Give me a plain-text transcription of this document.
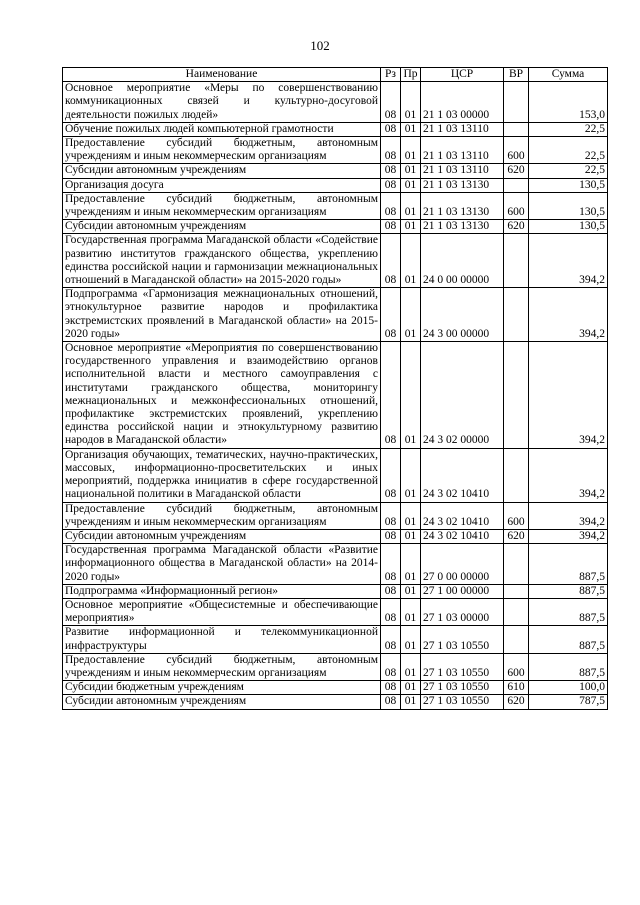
102
Наименование	Рз	Пр	ЦСР	ВР	Сумма
Основное мероприятие «Меры по совершенствованию коммуникационных связей и культурно-досуговой деятельности пожилых людей»	08	01	21 1 03 00000		153,0
Обучение пожилых людей компьютерной грамотности	08	01	21 1 03 13110		22,5
Предоставление субсидий бюджетным, автономным учреждениям и иным некоммерческим организациям	08	01	21 1 03 13110	600	22,5
Субсидии автономным учреждениям	08	01	21 1 03 13110	620	22,5
Организация досуга	08	01	21 1 03 13130		130,5
Предоставление субсидий бюджетным, автономным учреждениям и иным некоммерческим организациям	08	01	21 1 03 13130	600	130,5
Субсидии автономным учреждениям	08	01	21 1 03 13130	620	130,5
Государственная программа Магаданской области «Содействие развитию институтов гражданского общества, укреплению единства российской нации и гармонизации межнациональных отношений в Магаданской области» на 2015-2020 годы»	08	01	24 0 00 00000		394,2
Подпрограмма «Гармонизация межнациональных отношений, этнокультурное развитие народов и профилактика экстремистских проявлений в Магаданской области» на 2015-2020 годы»	08	01	24 3 00 00000		394,2
Основное мероприятие «Мероприятия по совершенствованию государственного управления и взаимодействию органов исполнительной власти и местного самоуправления с институтами гражданского общества, мониторингу межнациональных и межконфессиональных отношений, профилактике экстремистских проявлений, укреплению единства российской нации и этнокультурному развитию народов в Магаданской области»	08	01	24 3 02 00000		394,2
Организация обучающих, тематических, научно-практических, массовых, информационно-просветительских и иных мероприятий, поддержка инициатив в сфере государственной национальной политики в Магаданской области	08	01	24 3 02 10410		394,2
Предоставление субсидий бюджетным, автономным учреждениям и иным некоммерческим организациям	08	01	24 3 02 10410	600	394,2
Субсидии автономным учреждениям	08	01	24 3 02 10410	620	394,2
Государственная программа Магаданской области «Развитие информационного общества в Магаданской области» на 2014-2020 годы»	08	01	27 0 00 00000		887,5
Подпрограмма «Информационный регион»	08	01	27 1 00 00000		887,5
Основное мероприятие «Общесистемные и обеспечивающие мероприятия»	08	01	27 1 03 00000		887,5
Развитие информационной и телекоммуникационной инфраструктуры	08	01	27 1 03 10550		887,5
Предоставление субсидий бюджетным, автономным учреждениям и иным некоммерческим организациям	08	01	27 1 03 10550	600	887,5
Субсидии бюджетным учреждениям	08	01	27 1 03 10550	610	100,0
Субсидии автономным учреждениям	08	01	27 1 03 10550	620	787,5
